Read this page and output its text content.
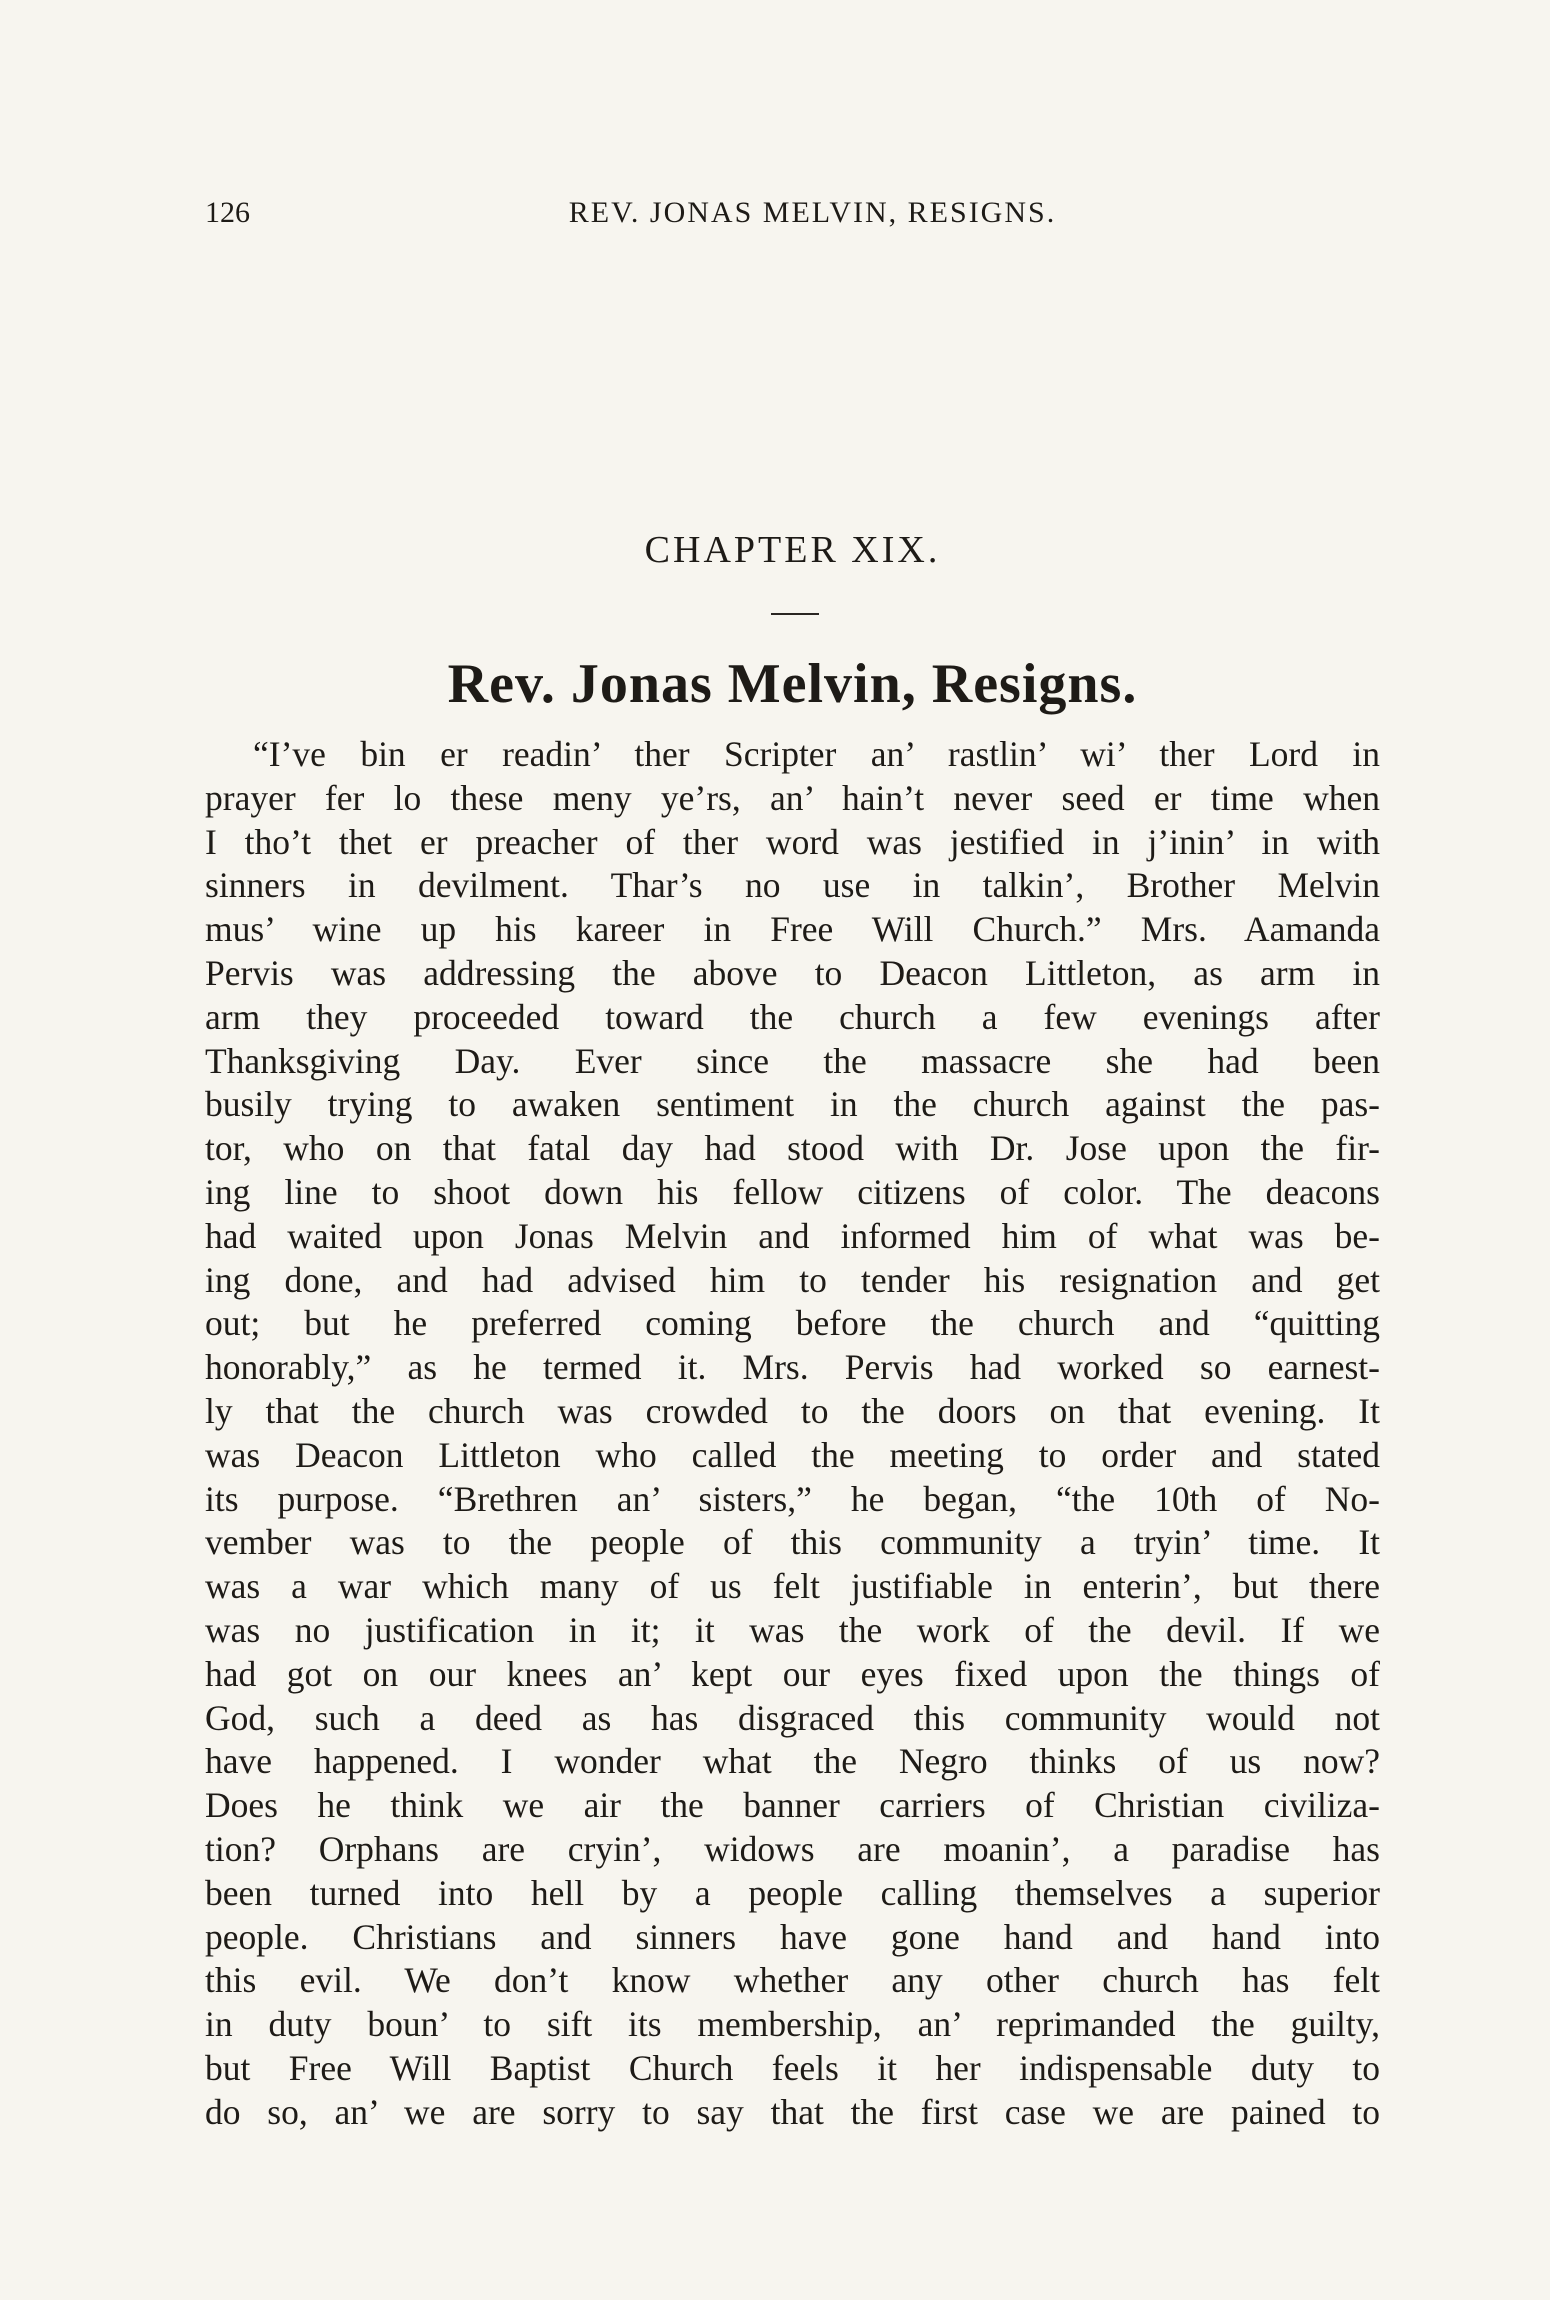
126	REV. JONAS MELVIN, RESIGNS.
CHAPTER XIX.
Rev. Jonas Melvin, Resigns.
“I’ve bin er readin’ ther Scripter an’ rastlin’ wi’ ther Lord in
prayer fer lo these meny ye’rs, an’ hain’t never seed er time when
I tho’t thet er preacher of ther word was jestified in j’inin’ in with
sinners in devilment. Thar’s no use in talkin’, Brother Melvin
mus’ wine up his kareer in Free Will Church.” Mrs. Aamanda
Pervis was addressing the above to Deacon Littleton, as arm in
arm they proceeded toward the church a few evenings after
Thanksgiving Day. Ever since the massacre she had been
busily trying to awaken sentiment in the church against the pas-
tor, who on that fatal day had stood with Dr. Jose upon the fir-
ing line to shoot down his fellow citizens of color. The deacons
had waited upon Jonas Melvin and informed him of what was be-
ing done, and had advised him to tender his resignation and get
out; but he preferred coming before the church and “quitting
honorably,” as he termed it. Mrs. Pervis had worked so earnest-
ly that the church was crowded to the doors on that evening. It
was Deacon Littleton who called the meeting to order and stated
its purpose. “Brethren an’ sisters,” he began, “the 10th of No-
vember was to the people of this community a tryin’ time. It
was a war which many of us felt justifiable in enterin’, but there
was no justification in it; it was the work of the devil. If we
had got on our knees an’ kept our eyes fixed upon the things of
God, such a deed as has disgraced this community would not
have happened. I wonder what the Negro thinks of us now?
Does he think we air the banner carriers of Christian civiliza-
tion? Orphans are cryin’, widows are moanin’, a paradise has
been turned into hell by a people calling themselves a superior
people. Christians and sinners have gone hand and hand into
this evil. We don’t know whether any other church has felt
in duty boun’ to sift its membership, an’ reprimanded the guilty,
but Free Will Baptist Church feels it her indispensable duty to
do so, an’ we are sorry to say that the first case we are pained to
